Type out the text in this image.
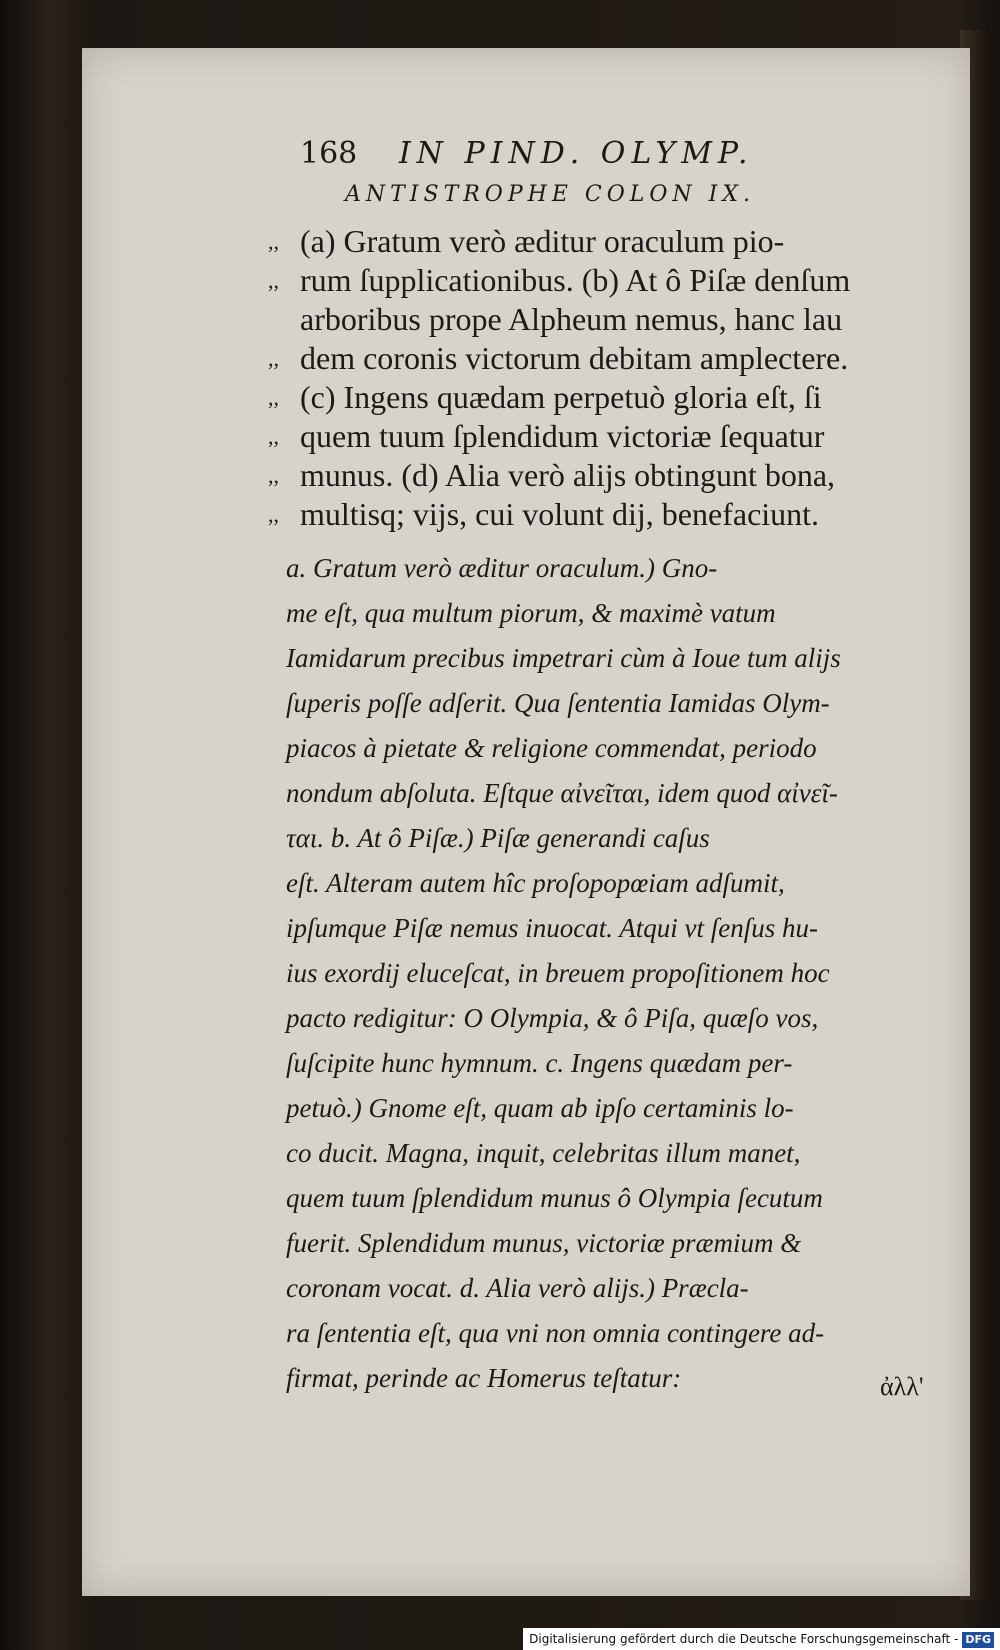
168 IN PIND. OLYMP.
ANTISTROPHE COLON IX.
,, (a) Gratum verò æditur oraculum pio-
,, rum ſupplicationibus. (b) At ô Piſæ denſum
arboribus prope Alpheum nemus, hanc lau
,, dem coronis victorum debitam amplectere.
,, (c) Ingens quædam perpetuò gloria eſt, ſi
,, quem tuum ſplendidum victoriæ ſequatur
,, munus. (d) Alia verò alijs obtingunt bona,
,, multisq; vijs, cui volunt dij, benefaciunt.
a. Gratum verò æditur oraculum.) Gno-
me eſt, qua multum piorum, & maximè vatum
Iamidarum precibus impetrari cùm à Ioue tum alijs
ſuperis poſſe adſerit. Qua ſententia Iamidas Olym-
piacos à pietate & religione commendat, periodo
nondum abſoluta. Eſtque αἰνεῖται, idem quod αἰνεῖ-
ται. b. At ô Piſæ.) Piſæ generandi caſus
eſt. Alteram autem hîc proſopopœiam adſumit,
ipſumque Piſæ nemus inuocat. Atqui vt ſenſus hu-
ius exordij eluceſcat, in breuem propoſitionem hoc
pacto redigitur: O Olympia, & ô Piſa, quæſo vos,
ſuſcipite hunc hymnum. c. Ingens quædam per-
petuò.) Gnome eſt, quam ab ipſo certaminis lo-
co ducit. Magna, inquit, celebritas illum manet,
quem tuum ſplendidum munus ô Olympia ſecutum
fuerit. Splendidum munus, victoriæ præmium &
coronam vocat. d. Alia verò alijs.) Præcla-
ra ſententia eſt, qua vni non omnia contingere ad-
firmat, perinde ac Homerus teſtatur:	ἀλλ'
Digitalisierung gefördert durch die Deutsche Forschungsgemeinschaft - DFG
